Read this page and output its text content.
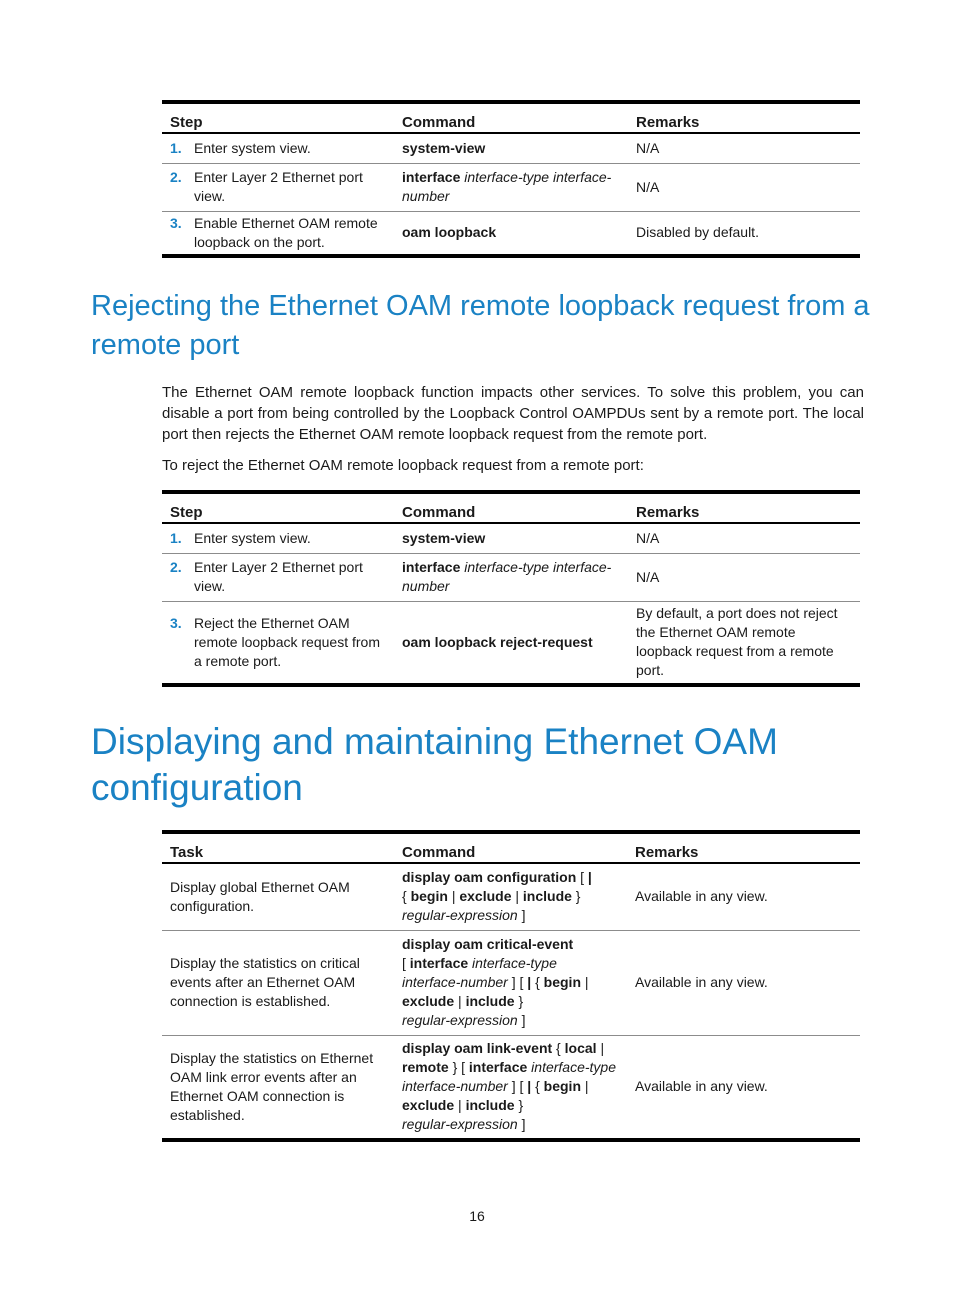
Step	Command	Remarks

1. Enter system view.	system-view	N/A

2. Enter Layer 2 Ethernet port view.	interface interface-type interface-number	N/A

3. Enable Ethernet OAM remote loopback on the port.	oam loopback	Disabled by default.
Rejecting the Ethernet OAM remote loopback request from a remote port

The Ethernet OAM remote loopback function impacts other services. To solve this problem, you can disable a port from being controlled by the Loopback Control OAMPDUs sent by a remote port. The local port then rejects the Ethernet OAM remote loopback request from the remote port.

To reject the Ethernet OAM remote loopback request from a remote port:

Step	Command	Remarks

1. Enter system view.	system-view	N/A

2. Enter Layer 2 Ethernet port view.	interface interface-type interface-number	N/A

3. Reject the Ethernet OAM remote loopback request from a remote port.	oam loopback reject-request	By default, a port does not reject the Ethernet OAM remote loopback request from a remote port.
Displaying and maintaining Ethernet OAM configuration
Task	Command	Remarks
Display global Ethernet OAM configuration.	display oam configuration [ |
{ begin | exclude | include }
regular-expression ]	Available in any view.
Display the statistics on critical events after an Ethernet OAM connection is established.	display oam critical-event
[ interface interface-type
interface-number ] [ | { begin |
exclude | include }
regular-expression ]	Available in any view.
Display the statistics on Ethernet OAM link error events after an Ethernet OAM connection is established.	display oam link-event { local |
remote } [ interface interface-type
interface-number ] [ | { begin |
exclude | include }
regular-expression ]	Available in any view.
16
